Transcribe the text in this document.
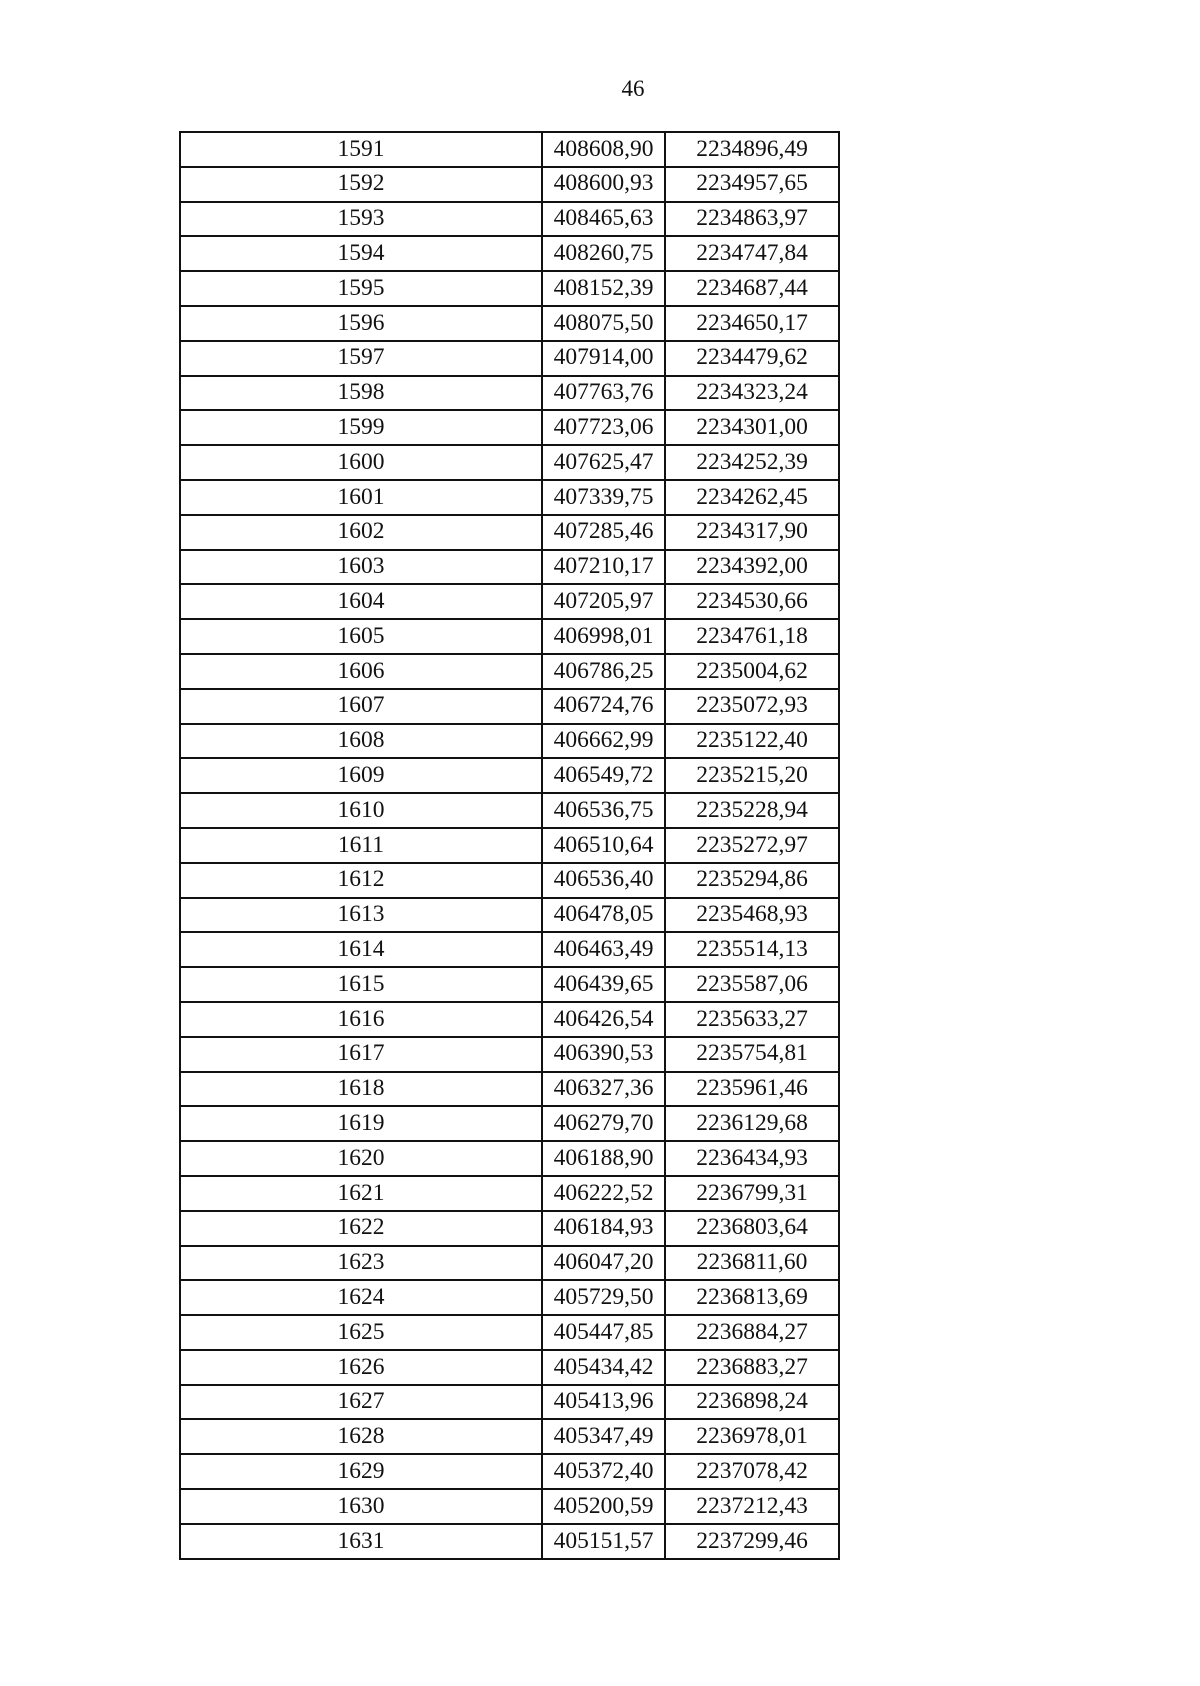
46
1591	408608,90	2234896,49
1592	408600,93	2234957,65
1593	408465,63	2234863,97
1594	408260,75	2234747,84
1595	408152,39	2234687,44
1596	408075,50	2234650,17
1597	407914,00	2234479,62
1598	407763,76	2234323,24
1599	407723,06	2234301,00
1600	407625,47	2234252,39
1601	407339,75	2234262,45
1602	407285,46	2234317,90
1603	407210,17	2234392,00
1604	407205,97	2234530,66
1605	406998,01	2234761,18
1606	406786,25	2235004,62
1607	406724,76	2235072,93
1608	406662,99	2235122,40
1609	406549,72	2235215,20
1610	406536,75	2235228,94
1611	406510,64	2235272,97
1612	406536,40	2235294,86
1613	406478,05	2235468,93
1614	406463,49	2235514,13
1615	406439,65	2235587,06
1616	406426,54	2235633,27
1617	406390,53	2235754,81
1618	406327,36	2235961,46
1619	406279,70	2236129,68
1620	406188,90	2236434,93
1621	406222,52	2236799,31
1622	406184,93	2236803,64
1623	406047,20	2236811,60
1624	405729,50	2236813,69
1625	405447,85	2236884,27
1626	405434,42	2236883,27
1627	405413,96	2236898,24
1628	405347,49	2236978,01
1629	405372,40	2237078,42
1630	405200,59	2237212,43
1631	405151,57	2237299,46
